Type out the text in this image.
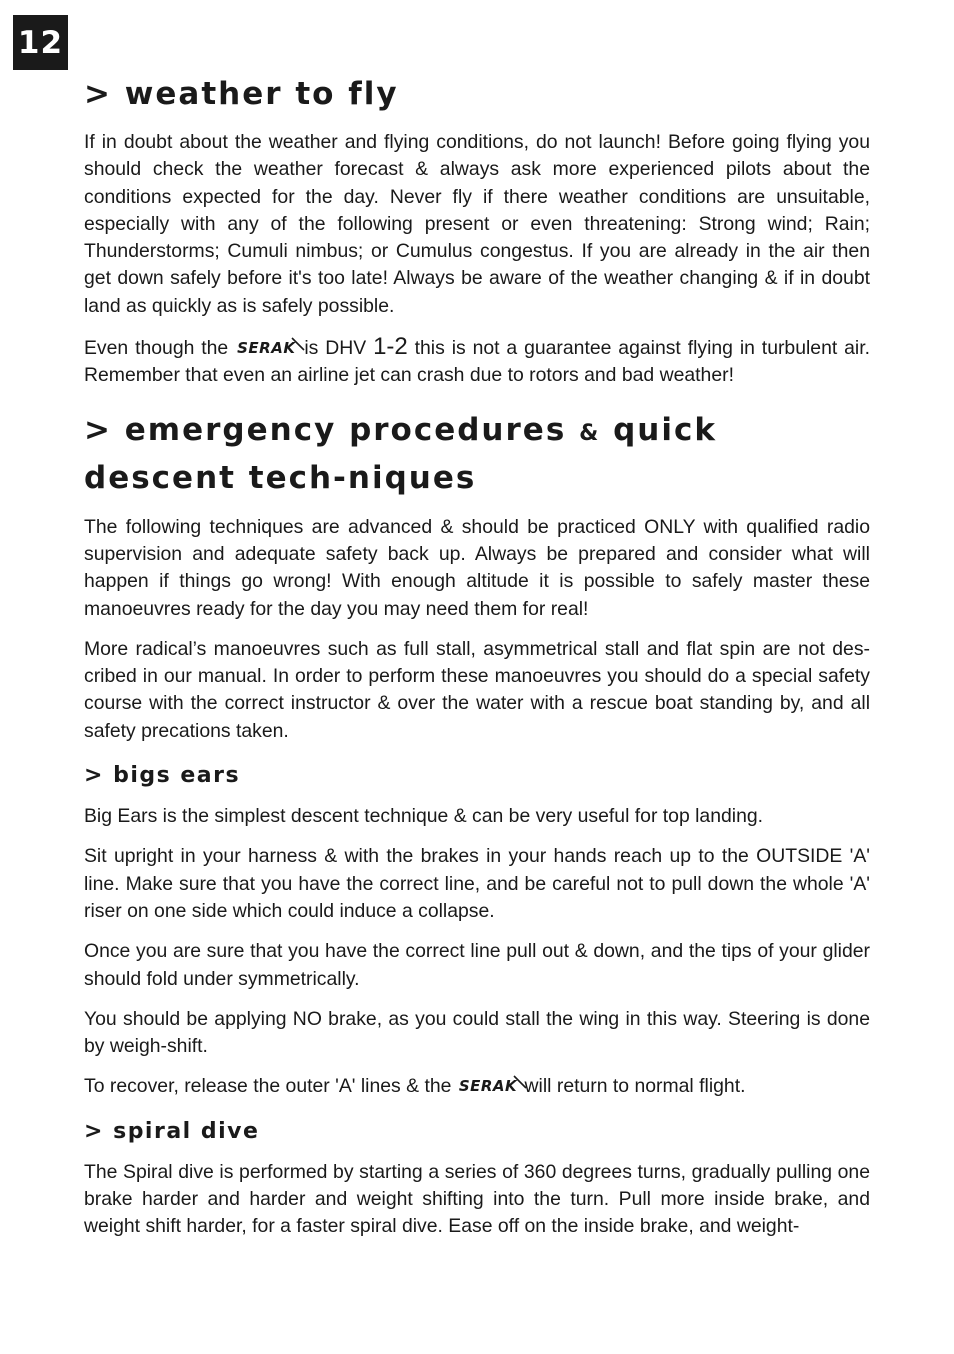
12
> weather to fly

If in doubt about the weather and flying conditions, do not launch! Before going flying you should check the weather forecast & always ask more experienced pilots about the conditions expected for the day. Never fly if there weather conditions are unsuitable, especially with any of the following present or even threatening: Strong wind; Rain; Thunderstorms; Cumuli nimbus; or Cumulus congestus. If you are already in the air then get down safely before it's too late! Always be aware of the weather changing & if in doubt land as quickly as is safely possible.

Even though the SERAK is DHV 1-2 this is not a guarantee against flying in turbulent air. Remember that even an airline jet can crash due to rotors and bad weather!

> emergency procedures & quick descent tech-niques

The following techniques are advanced & should be practiced ONLY with qualified radio supervision and adequate safety back up. Always be prepared and consider what will happen if things go wrong! With enough altitude it is possible to safely master these manoeuvres ready for the day you may need them for real!

More radical’s manoeuvres such as full stall, asymmetrical stall and flat spin are not des-cribed in our manual. In order to perform these manoeuvres you should do a special safety course with the correct instructor & over the water with a rescue boat standing by, and all safety precations taken.

> bigs ears

Big Ears is the simplest descent technique & can be very useful for top landing.

Sit upright in your harness & with the brakes in your hands reach up to the OUTSIDE 'A' line. Make sure that you have the correct line, and be careful not to pull down the whole 'A' riser on one side which could induce a collapse.

Once you are sure that you have the correct line pull out & down, and the tips of your glider should fold under symmetrically.

You should be applying NO brake, as you could stall the wing in this way. Steering is done by weigh-shift.

To recover, release the outer 'A' lines & the SERAK will return to normal flight.

> spiral dive

The Spiral dive is performed by starting a series of 360 degrees turns, gradually pulling one brake harder and harder and weight shifting into the turn. Pull more inside brake, and weight shift harder, for a faster spiral dive. Ease off on the inside brake, and weight-
